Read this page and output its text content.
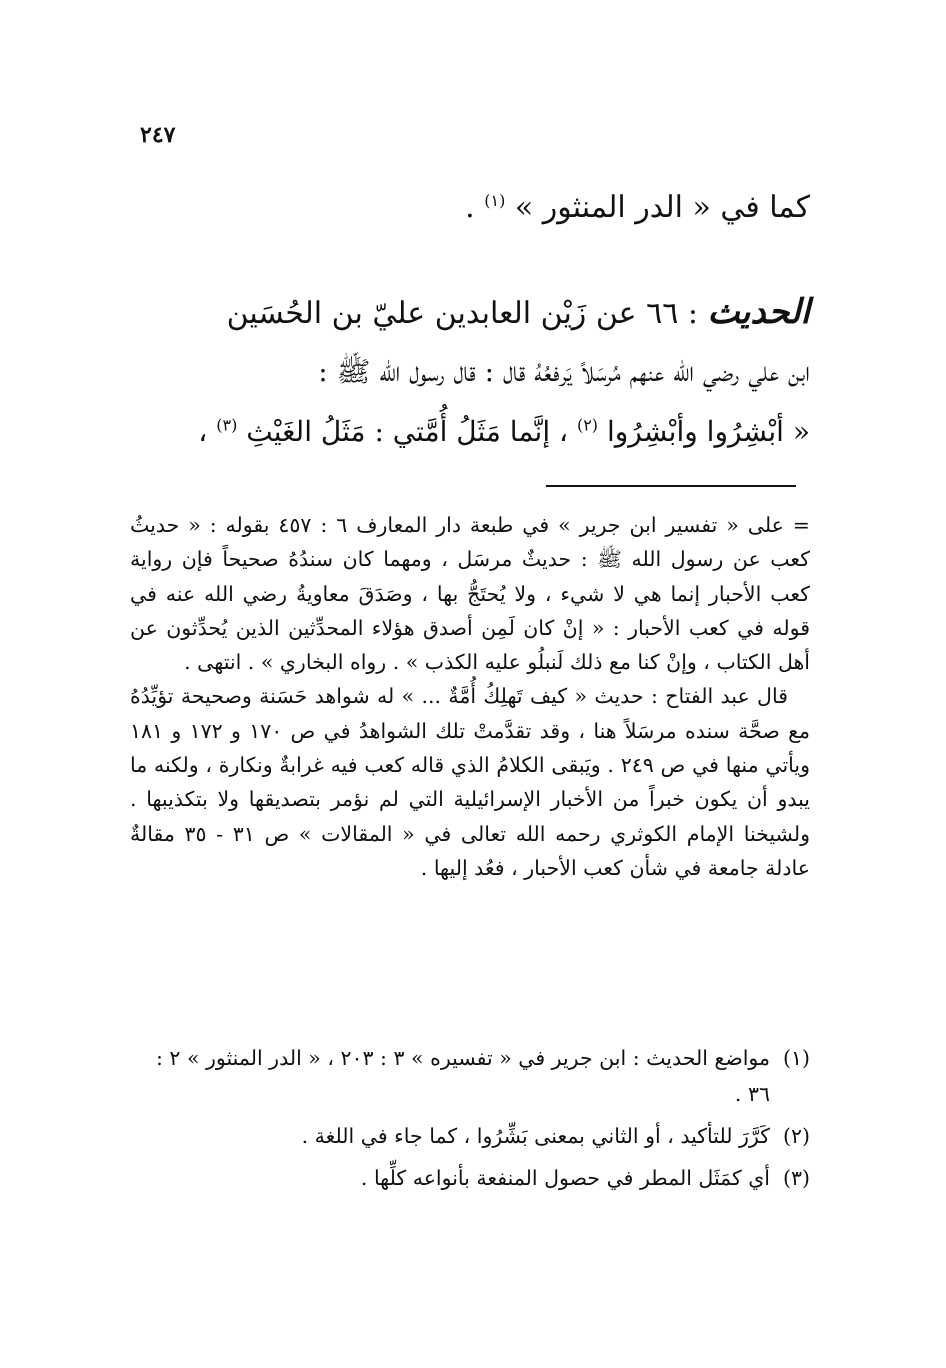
٢٤٧
كما في « الدر المنثور » $^{(١)}$ .
الحديث : ٦٦ عن زَيْن العابدين عليّ بن الحُسَين
ابن علي رضي الله عنهم مُرسَلاً يَرفعُهُ قال : قال رسول الله ﷺ :
« أبْشِرُوا وأبْشِرُوا $^{(٢)}$ ، إنَّما مَثَلُ أُمَّتي : مَثَلُ الغَيْثِ $^{(٣)}$ ،

= على « تفسير ابن جرير » في طبعة دار المعارف ٦ : ٤٥٧ بقوله : « حديثُ كعب عن رسول الله ﷺ : حديثٌ مرسَل ، ومهما كان سندُهُ صحيحاً فإن رواية كعب الأحبار إنما هي لا شيء ، ولا يُحتَجُّ بها ، وصَدَقَ معاويةُ رضي الله عنه في قوله في كعب الأحبار : « إنْ كان لَمِن أصدق هؤلاء المحدِّثين الذين يُحدِّثون عن أهل الكتاب ، وإنْ كنا مع ذلك لَنبلُو عليه الكذب » . رواه البخاري » . انتهى .

قال عبد الفتاح : حديث « كيف تَهلِكُ أُمَّةٌ ... » له شواهد حَسَنة وصحيحة تؤيِّدُهُ مع صحَّة سنده مرسَلاً هنا ، وقد تقدَّمتْ تلك الشواهدُ في ص ١٧٠ و ١٧٢ و ١٨١ ويأتي منها في ص ٢٤٩ . ويَبقى الكلامُ الذي قاله كعب فيه غرابةٌ ونكارة ، ولكنه ما يبدو أن يكون خبراً من الأخبار الإسرائيلية التي لم نؤمر بتصديقها ولا بتكذيبها . ولشيخنا الإمام الكوثري رحمه الله تعالى في « المقالات » ص ٣١ - ٣٥ مقالةٌ عادلة جامعة في شأن كعب الأحبار ، فعُد إليها .

(١)
مواضع الحديث : ابن جرير في « تفسيره » ٣ : ٢٠٣ ، « الدر المنثور » ٢ : ٣٦ .
(٢)
كَرَّرَ للتأكيد ، أو الثاني بمعنى بَشِّرُوا ، كما جاء في اللغة .
(٣)
أي كمَثَل المطر في حصول المنفعة بأنواعه كلِّها .
